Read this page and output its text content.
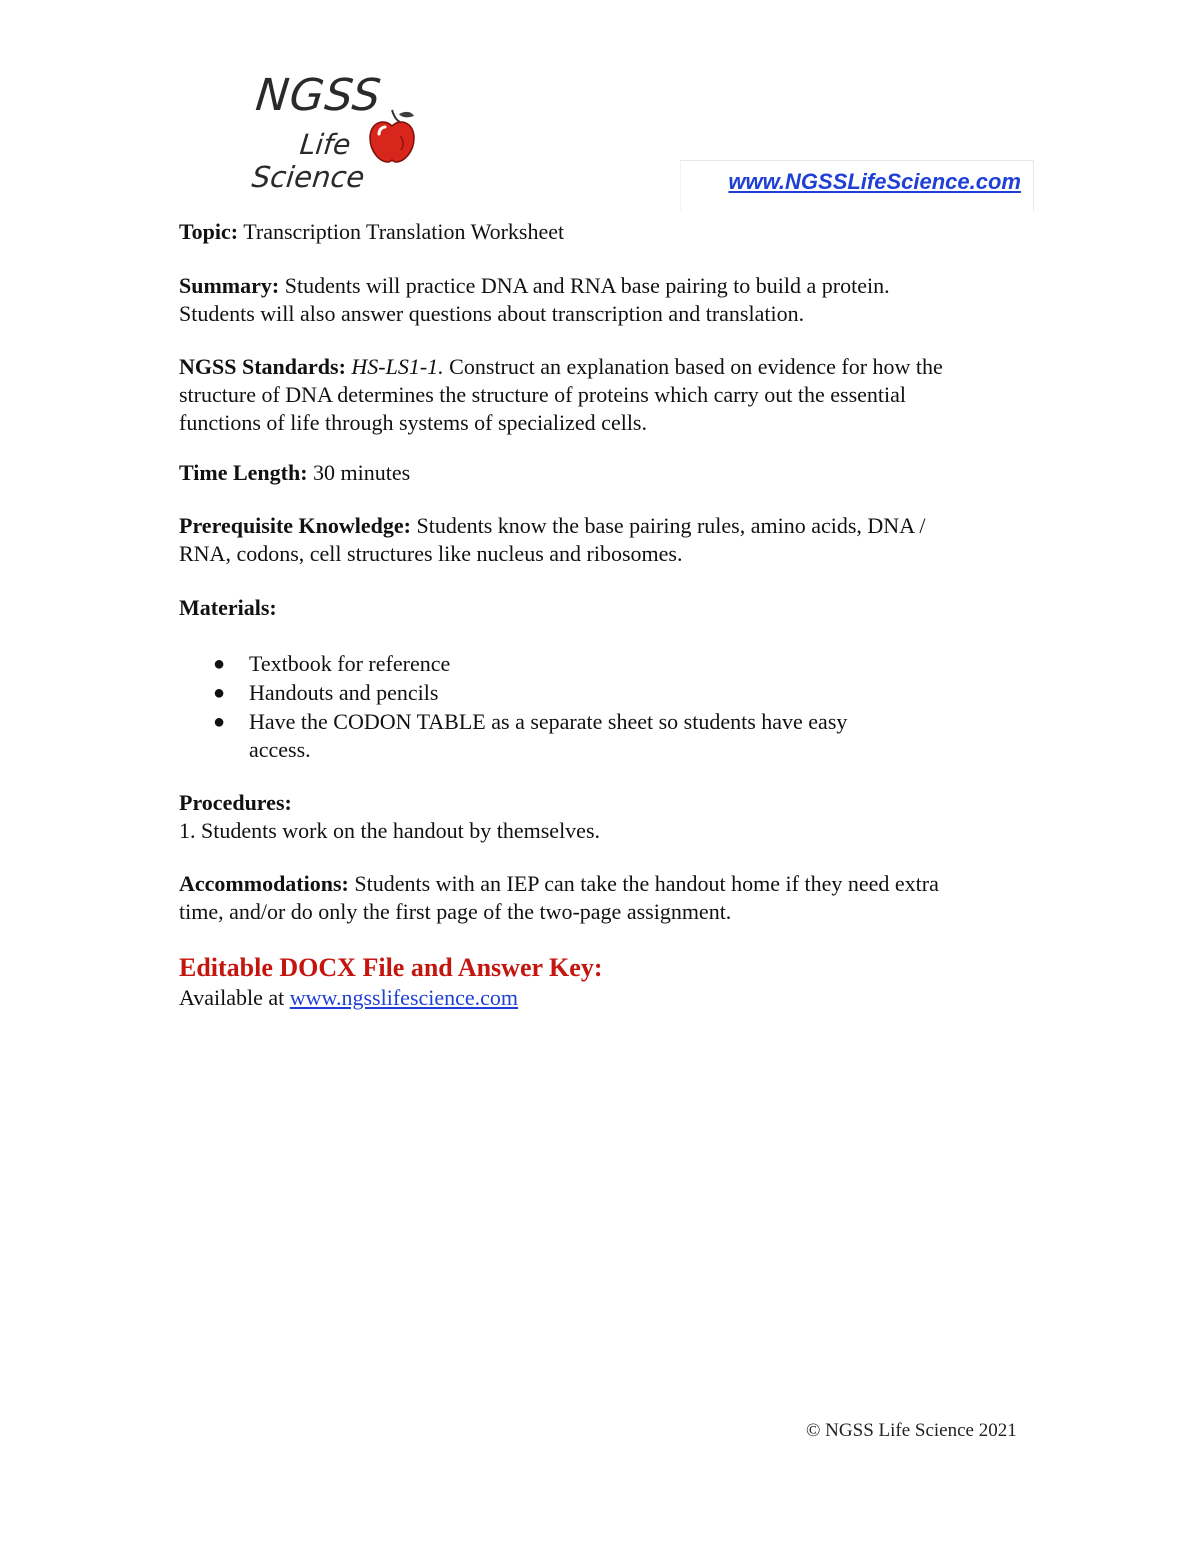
NGSS
Life
Science	www.NGSSLifeScience.com
Topic: Transcription Translation Worksheet
Summary: Students will practice DNA and RNA base pairing to build a protein.
Students will also answer questions about transcription and translation.
NGSS Standards: HS-LS1-1. Construct an explanation based on evidence for how the
structure of DNA determines the structure of proteins which carry out the essential
functions of life through systems of specialized cells.
Time Length: 30 minutes
Prerequisite Knowledge: Students know the base pairing rules, amino acids, DNA /
RNA, codons, cell structures like nucleus and ribosomes.
Materials:
● Textbook for reference
● Handouts and pencils
● Have the CODON TABLE as a separate sheet so students have easy
access.
Procedures:
1. Students work on the handout by themselves.
Accommodations: Students with an IEP can take the handout home if they need extra
time, and/or do only the first page of the two-page assignment.
Editable DOCX File and Answer Key:
Available at www.ngsslifescience.com
© NGSS Life Science 2021
